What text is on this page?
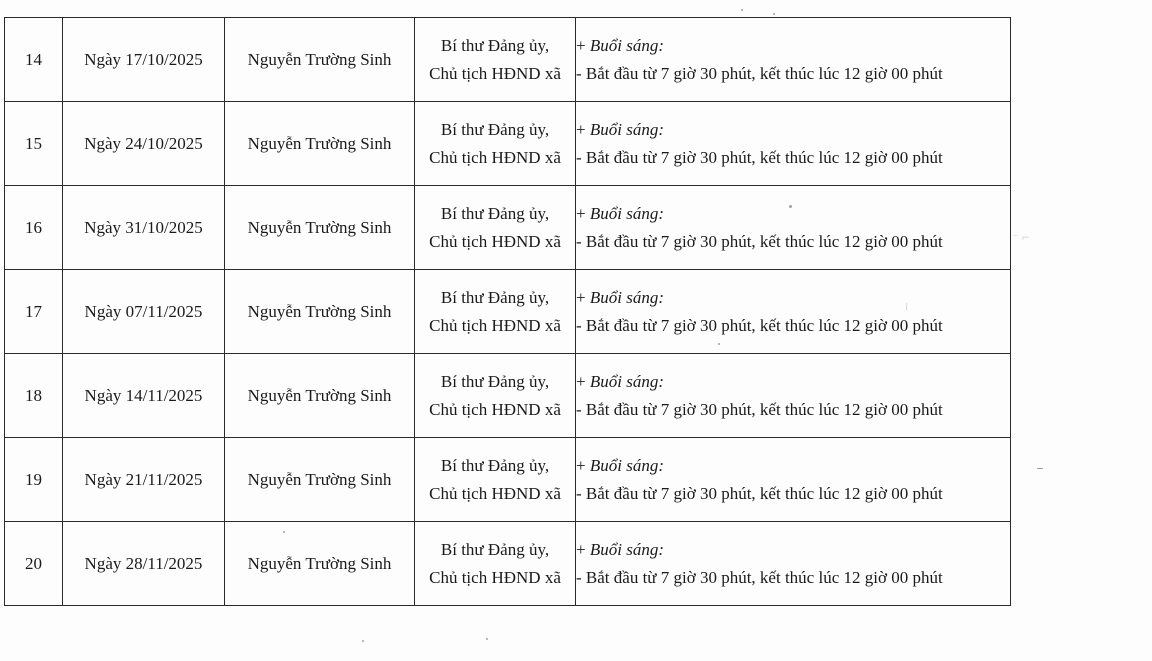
14	Ngày 17/10/2025	Nguyễn Trường Sinh	Bí thư Đảng ủy,
Chủ tịch HĐND xã	+ Buổi sáng:
- Bắt đầu từ 7 giờ 30 phút, kết thúc lúc 12 giờ 00 phút

15	Ngày 24/10/2025	Nguyễn Trường Sinh	Bí thư Đảng ủy,
Chủ tịch HĐND xã	+ Buổi sáng:
- Bắt đầu từ 7 giờ 30 phút, kết thúc lúc 12 giờ 00 phút

16	Ngày 31/10/2025	Nguyễn Trường Sinh	Bí thư Đảng ủy,
Chủ tịch HĐND xã	+ Buổi sáng:
- Bắt đầu từ 7 giờ 30 phút, kết thúc lúc 12 giờ 00 phút

17	Ngày 07/11/2025	Nguyễn Trường Sinh	Bí thư Đảng ủy,
Chủ tịch HĐND xã	+ Buổi sáng:
- Bắt đầu từ 7 giờ 30 phút, kết thúc lúc 12 giờ 00 phút

18	Ngày 14/11/2025	Nguyễn Trường Sinh	Bí thư Đảng ủy,
Chủ tịch HĐND xã	+ Buổi sáng:
- Bắt đầu từ 7 giờ 30 phút, kết thúc lúc 12 giờ 00 phút

19	Ngày 21/11/2025	Nguyễn Trường Sinh	Bí thư Đảng ủy,
Chủ tịch HĐND xã	+ Buổi sáng:
- Bắt đầu từ 7 giờ 30 phút, kết thúc lúc 12 giờ 00 phút

20	Ngày 28/11/2025	Nguyễn Trường Sinh	Bí thư Đảng ủy,
Chủ tịch HĐND xã	+ Buổi sáng:
- Bắt đầu từ 7 giờ 30 phút, kết thúc lúc 12 giờ 00 phút
⁻ ⌐
⁞
